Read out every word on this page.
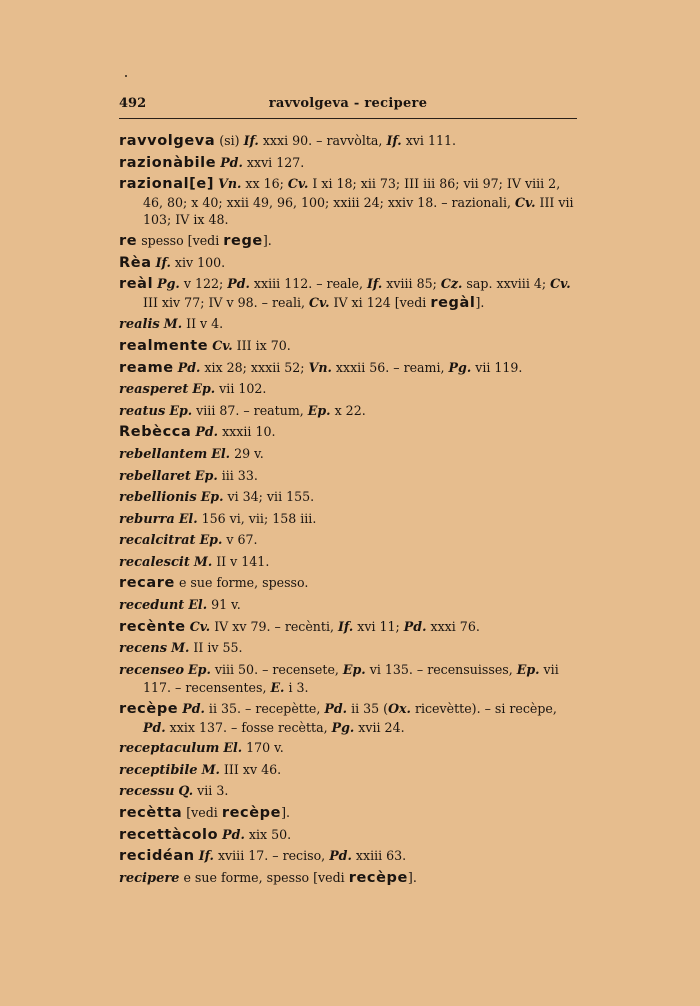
492	ravvolgeva - recipere
ravvolgeva (si) If. xxxi 90. – ravvòlta, If. xvi 111.
razionàbile Pd. xxvi 127.
razional[e] Vn. xx 16; Cv. I xi 18; xii 73; III iii 86; vii 97; IV viii 2, 46, 80; x 40; xxii 49, 96, 100; xxiii 24; xxiv 18. – razionali, Cv. III vii 103; IV ix 48.
re spesso [vedi rege].
Rèa If. xiv 100.
reàl Pg. v 122; Pd. xxiii 112. – reale, If. xviii 85; Cz. sap. xxviii 4; Cv. III xiv 77; IV v 98. – reali, Cv. IV xi 124 [vedi regàl].
realis M. II v 4.
realmente Cv. III ix 70.
reame Pd. xix 28; xxxii 52; Vn. xxxii 56. – reami, Pg. vii 119.
reasperet Ep. vii 102.
reatus Ep. viii 87. – reatum, Ep. x 22.
Rebècca Pd. xxxii 10.
rebellantem El. 29 v.
rebellaret Ep. iii 33.
rebellionis Ep. vi 34; vii 155.
reburra El. 156 vi, vii; 158 iii.
recalcitrat Ep. v 67.
recalescit M. II v 141.
recare e sue forme, spesso.
recedunt El. 91 v.
recènte Cv. IV xv 79. – recènti, If. xvi 11; Pd. xxxi 76.
recens M. II iv 55.
recenseo Ep. viii 50. – recensete, Ep. vi 135. – recensuisses, Ep. vii 117. – recensentes, E. i 3.
recèpe Pd. ii 35. – recepètte, Pd. ii 35 (Ox. ricevètte). – si recèpe, Pd. xxix 137. – fosse recètta, Pg. xvii 24.
receptaculum El. 170 v.
receptibile M. III xv 46.
recessu Q. vii 3.
recètta [vedi recèpe].
recettàcolo Pd. xix 50.
recidéan If. xviii 17. – reciso, Pd. xxiii 63.
recipere e sue forme, spesso [vedi recèpe].
